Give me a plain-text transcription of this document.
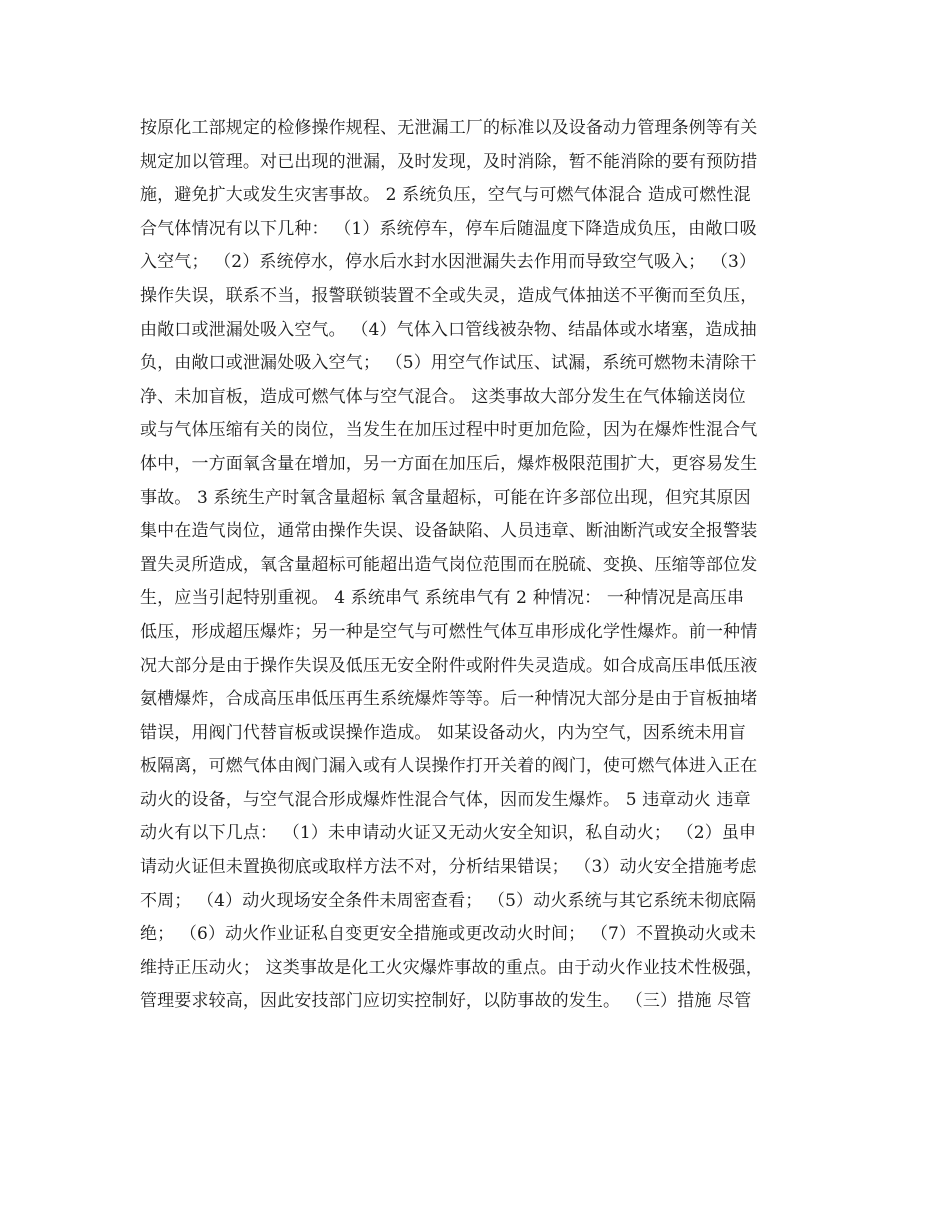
按原化工部规定的检修操作规程、无泄漏工厂的标准以及设备动力管理条例等有关
规定加以管理。对已出现的泄漏，及时发现，及时消除，暂不能消除的要有预防措
施，避免扩大或发生灾害事故。 2 系统负压，空气与可燃气体混合 造成可燃性混
合气体情况有以下几种： （1）系统停车，停车后随温度下降造成负压，由敞口吸
入空气； （2）系统停水，停水后水封水因泄漏失去作用而导致空气吸入； （3）
操作失误，联系不当，报警联锁装置不全或失灵，造成气体抽送不平衡而至负压，
由敞口或泄漏处吸入空气。 （4）气体入口管线被杂物、结晶体或水堵塞，造成抽
负，由敞口或泄漏处吸入空气； （5）用空气作试压、试漏，系统可燃物未清除干
净、未加盲板，造成可燃气体与空气混合。 这类事故大部分发生在气体输送岗位
或与气体压缩有关的岗位，当发生在加压过程中时更加危险，因为在爆炸性混合气
体中，一方面氧含量在增加，另一方面在加压后，爆炸极限范围扩大，更容易发生
事故。 3 系统生产时氧含量超标 氧含量超标，可能在许多部位出现，但究其原因
集中在造气岗位，通常由操作失误、设备缺陷、人员违章、断油断汽或安全报警装
置失灵所造成，氧含量超标可能超出造气岗位范围而在脱硫、变换、压缩等部位发
生，应当引起特别重视。 4 系统串气 系统串气有 2 种情况： 一种情况是高压串
低压，形成超压爆炸；另一种是空气与可燃性气体互串形成化学性爆炸。前一种情
况大部分是由于操作失误及低压无安全附件或附件失灵造成。如合成高压串低压液
氨槽爆炸，合成高压串低压再生系统爆炸等等。后一种情况大部分是由于盲板抽堵
错误，用阀门代替盲板或误操作造成。 如某设备动火，内为空气，因系统未用盲
板隔离，可燃气体由阀门漏入或有人误操作打开关着的阀门，使可燃气体进入正在
动火的设备，与空气混合形成爆炸性混合气体，因而发生爆炸。 5 违章动火 违章
动火有以下几点： （1）未申请动火证又无动火安全知识，私自动火； （2）虽申
请动火证但未置换彻底或取样方法不对，分析结果错误； （3）动火安全措施考虑
不周； （4）动火现场安全条件未周密查看； （5）动火系统与其它系统未彻底隔
绝； （6）动火作业证私自变更安全措施或更改动火时间； （7）不置换动火或未
维持正压动火； 这类事故是化工火灾爆炸事故的重点。由于动火作业技术性极强，
管理要求较高，因此安技部门应切实控制好，以防事故的发生。 （三）措施 尽管
